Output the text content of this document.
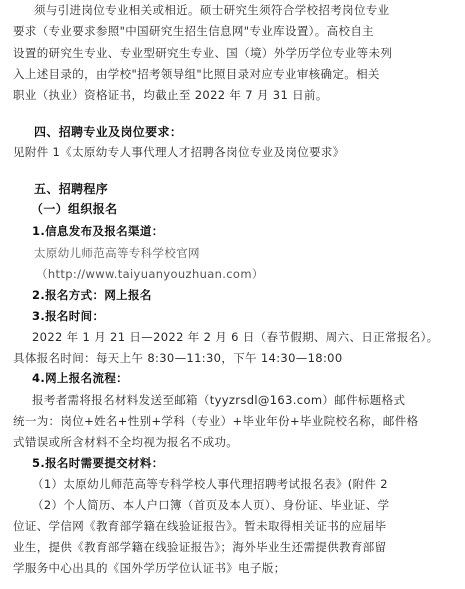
须与引进岗位专业相关或相近。硕士研究生须符合学校招考岗位专业
要求（专业要求参照"中国研究生招生信息网"专业库设置）。高校自主
设置的研究生专业、专业型研究生专业、国（境）外学历学位专业等未列
入上述目录的，由学校"招考领导组"比照目录对应专业审核确定。相关
职业（执业）资格证书，均截止至 2022 年 7 月 31 日前。
四、招聘专业及岗位要求：
见附件 1《太原幼专人事代理人才招聘各岗位专业及岗位要求》
五、招聘程序
（一）组织报名
1.信息发布及报名渠道：
太原幼儿师范高等专科学校官网
（http://www.taiyuanyouzhuan.com）
2.报名方式：网上报名
3.报名时间：
2022 年 1 月 21 日—2022 年 2 月 6 日（春节假期、周六、日正常报名）。
具体报名时间：每天上午 8:30—11:30，下午 14:30—18:00
4.网上报名流程：
报考者需将报名材料发送至邮箱（tyyzrsdl@163.com）邮件标题格式
统一为：岗位+姓名+性别+学科（专业）+毕业年份+毕业院校名称，邮件格
式错误或所含材料不全均视为报名不成功。
5.报名时需要提交材料：
（1）太原幼儿师范高等专科学校人事代理招聘考试报名表》(附件 2
（2）个人简历、本人户口簿（首页及本人页）、身份证、毕业证、学
位证、学信网《教育部学籍在线验证报告》。暂未取得相关证书的应届毕
业生，提供《教育部学籍在线验证报告》；海外毕业生还需提供教育部留
学服务中心出具的《国外学历学位认证书》电子版；
